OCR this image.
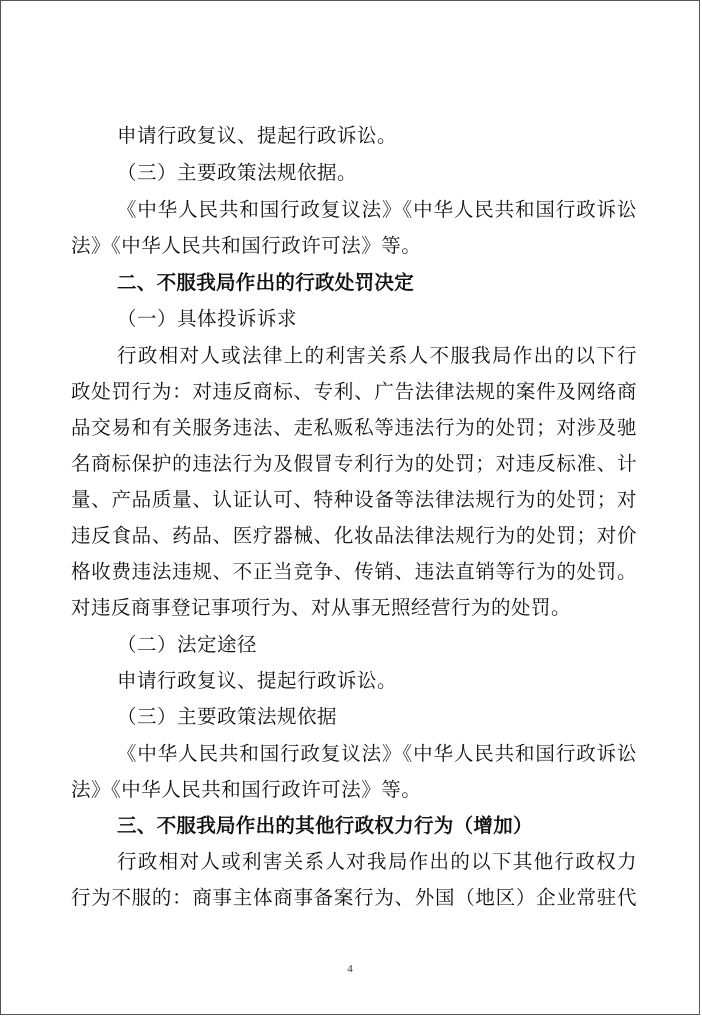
申请行政复议、提起行政诉讼。
（三）主要政策法规依据。
《中华人民共和国行政复议法》《中华人民共和国行政诉讼
法》《中华人民共和国行政许可法》等。
二、不服我局作出的行政处罚决定
（一）具体投诉诉求
行政相对人或法律上的利害关系人不服我局作出的以下行
政处罚行为：对违反商标、专利、广告法律法规的案件及网络商
品交易和有关服务违法、走私贩私等违法行为的处罚；对涉及驰
名商标保护的违法行为及假冒专利行为的处罚；对违反标准、计
量、产品质量、认证认可、特种设备等法律法规行为的处罚；对
违反食品、药品、医疗器械、化妆品法律法规行为的处罚；对价
格收费违法违规、不正当竞争、传销、违法直销等行为的处罚。
对违反商事登记事项行为、对从事无照经营行为的处罚。
（二）法定途径
申请行政复议、提起行政诉讼。
（三）主要政策法规依据
《中华人民共和国行政复议法》《中华人民共和国行政诉讼
法》《中华人民共和国行政许可法》等。
三、不服我局作出的其他行政权力行为（增加）
行政相对人或利害关系人对我局作出的以下其他行政权力
行为不服的：商事主体商事备案行为、外国（地区）企业常驻代
4
